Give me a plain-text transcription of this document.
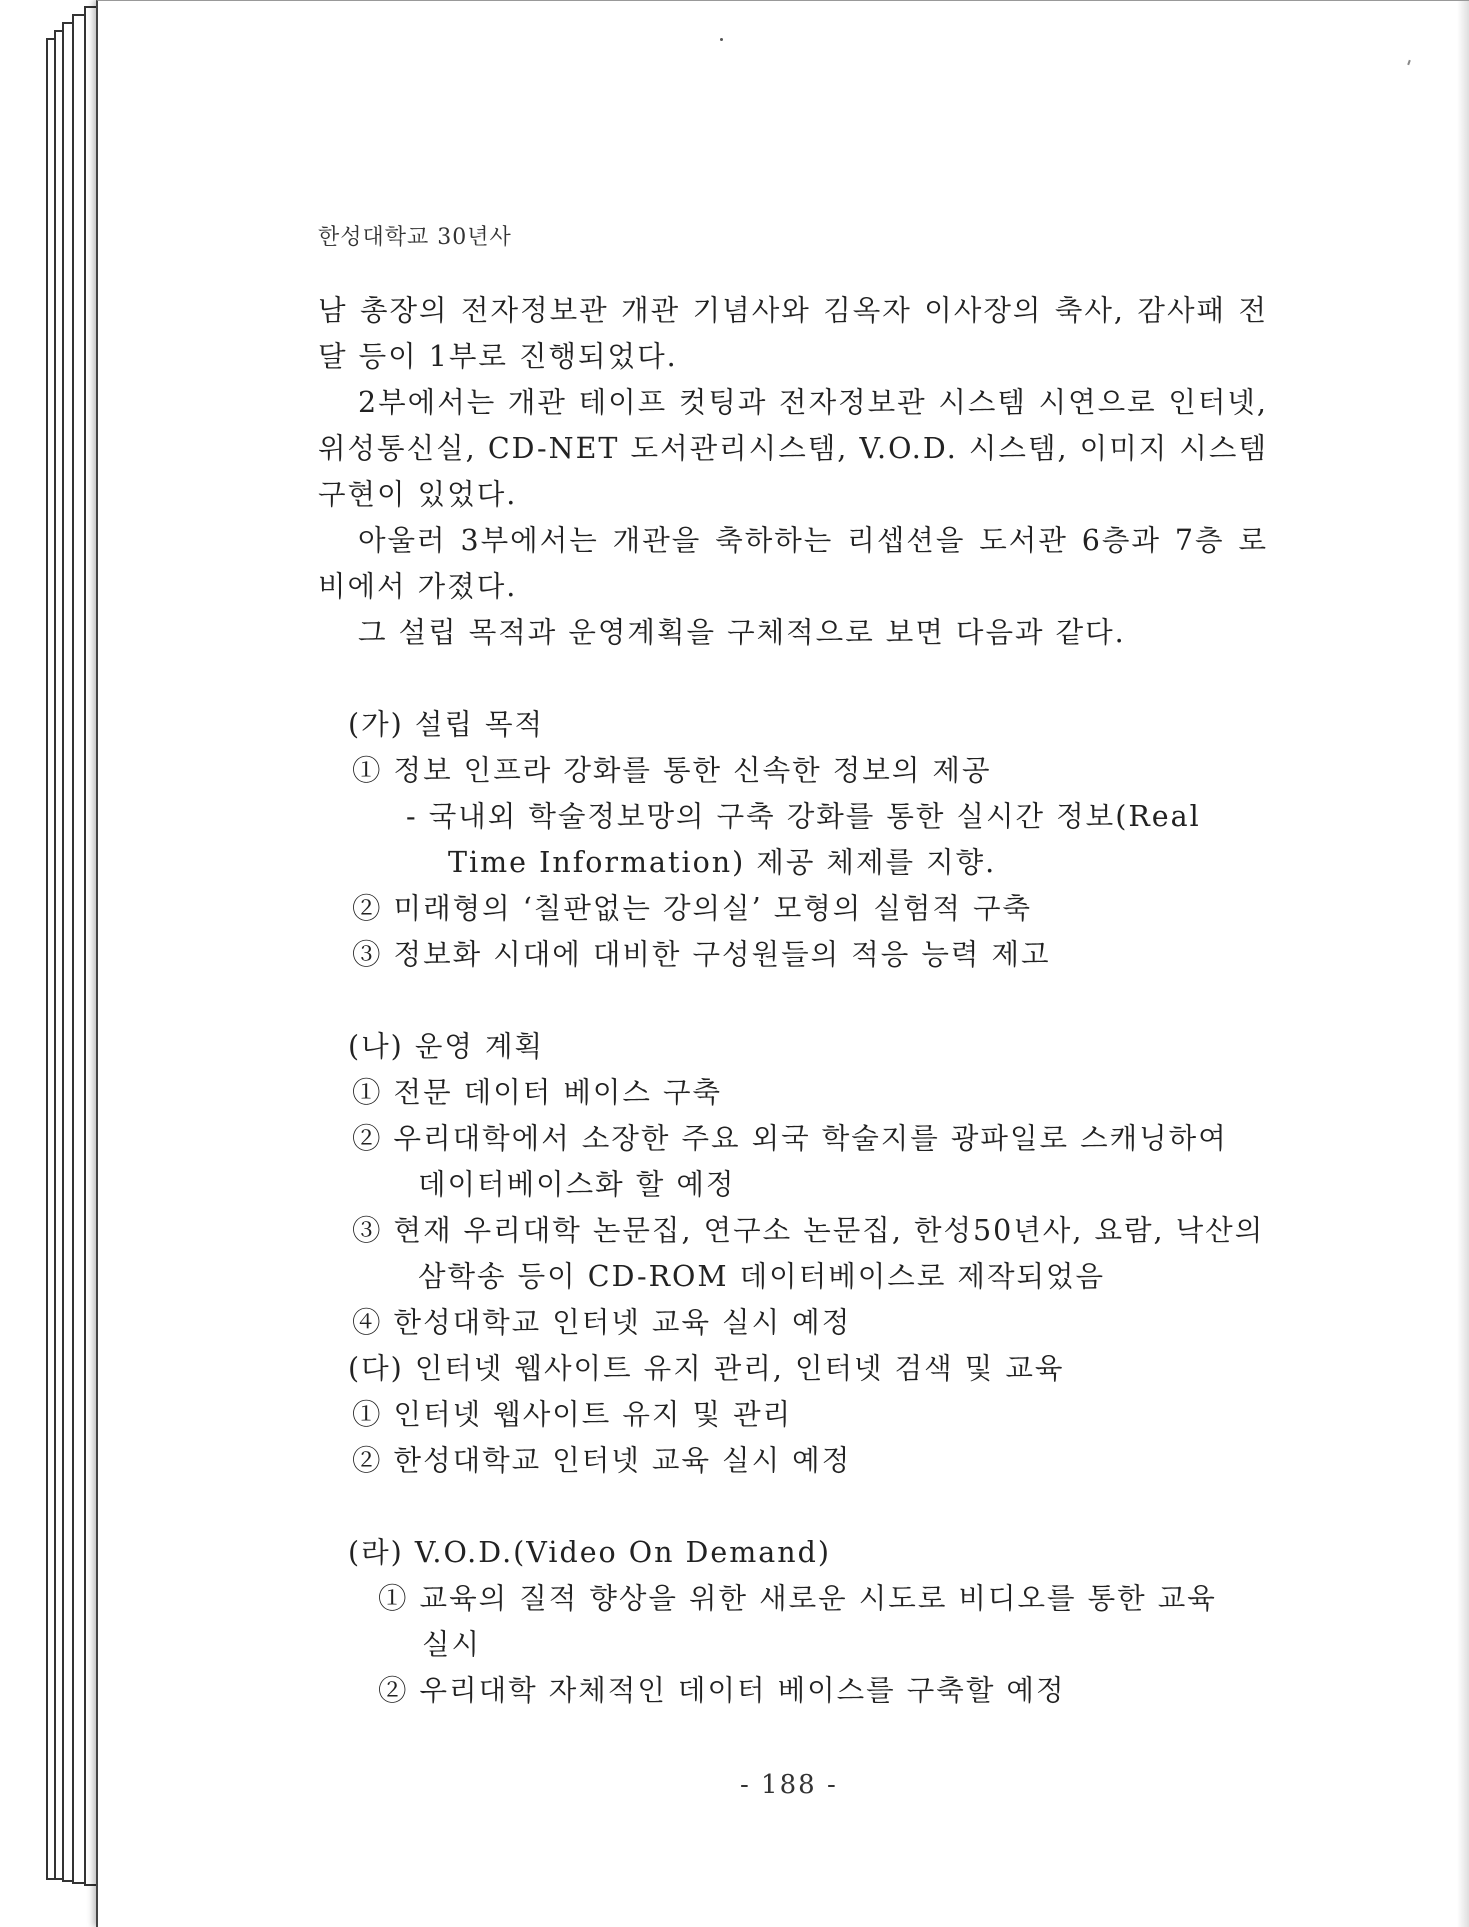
한성대학교 30년사

남 총장의 전자정보관 개관 기념사와 김옥자 이사장의 축사, 감사패 전달 등이 1부로 진행되었다.

2부에서는 개관 테이프 컷팅과 전자정보관 시스템 시연으로 인터넷, 위성통신실, CD-NET 도서관리시스템, V.O.D. 시스템, 이미지 시스템 구현이 있었다.

아울러 3부에서는 개관을 축하하는 리셉션을 도서관 6층과 7층 로비에서 가졌다.

그 설립 목적과 운영계획을 구체적으로 보면 다음과 같다.

(가) 설립 목적

① 정보 인프라 강화를 통한 신속한 정보의 제공

- 국내외 학술정보망의 구축 강화를 통한 실시간 정보(Real

Time Information) 제공 체제를 지향.

② 미래형의 ‘칠판없는 강의실’ 모형의 실험적 구축

③ 정보화 시대에 대비한 구성원들의 적응 능력 제고

(나) 운영 계획

① 전문 데이터 베이스 구축

② 우리대학에서 소장한 주요 외국 학술지를 광파일로 스캐닝하여

데이터베이스화 할 예정

③ 현재 우리대학 논문집, 연구소 논문집, 한성50년사, 요람, 낙산의

삼학송 등이 CD-ROM 데이터베이스로 제작되었음

④ 한성대학교 인터넷 교육 실시 예정

(다) 인터넷 웹사이트 유지 관리, 인터넷 검색 및 교육

① 인터넷 웹사이트 유지 및 관리

② 한성대학교 인터넷 교육 실시 예정

(라) V.O.D.(Video On Demand)

① 교육의 질적 향상을 위한 새로운 시도로 비디오를 통한 교육

실시

② 우리대학 자체적인 데이터 베이스를 구축할 예정

- 188 -
